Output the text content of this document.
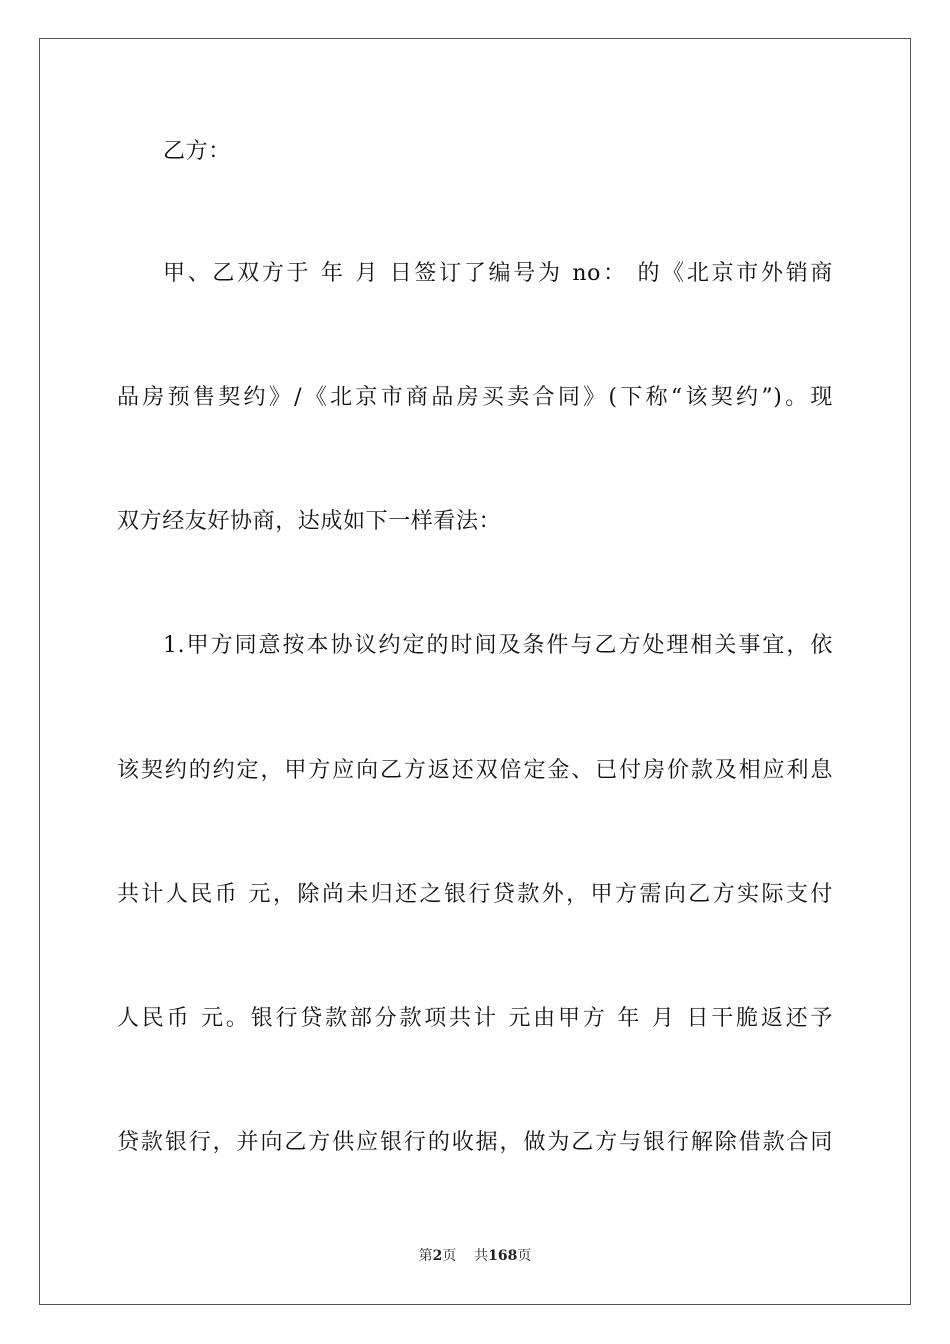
乙方：
甲、乙双方于 年 月 日签订了编号为 no： 的《北京市外销商
品房预售契约》/《北京市商品房买卖合同》(下称“该契约”)。现
双方经友好协商，达成如下一样看法：
1.甲方同意按本协议约定的时间及条件与乙方处理相关事宜，依
该契约的约定，甲方应向乙方返还双倍定金、已付房价款及相应利息
共计人民币 元，除尚未归还之银行贷款外，甲方需向乙方实际支付
人民币 元。银行贷款部分款项共计 元由甲方 年 月 日干脆返还予
贷款银行，并向乙方供应银行的收据，做为乙方与银行解除借款合同
第2页 共168页
